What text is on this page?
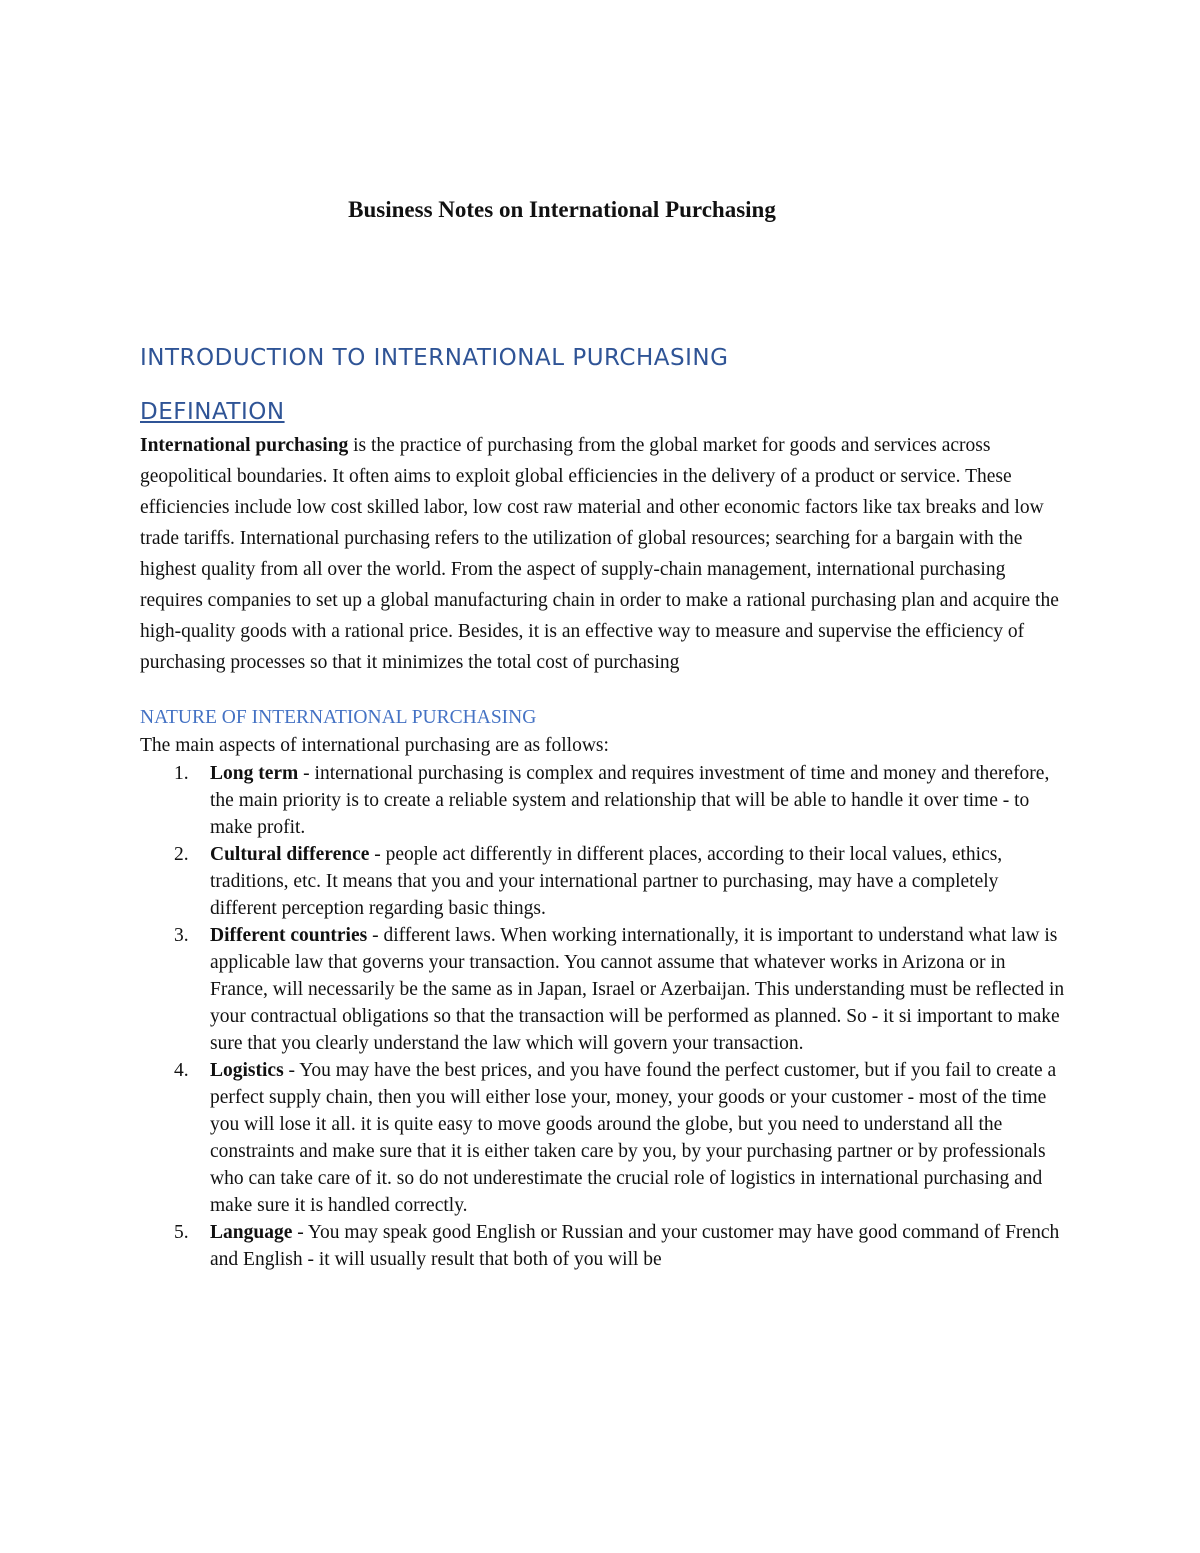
Business Notes on International Purchasing
INTRODUCTION TO INTERNATIONAL PURCHASING
DEFINATION

International purchasing is the practice of purchasing from the global market for goods and services across geopolitical boundaries. It often aims to exploit global efficiencies in the delivery of a product or service. These efficiencies include low cost skilled labor, low cost raw material and other economic factors like tax breaks and low trade tariffs. International purchasing refers to the utilization of global resources; searching for a bargain with the highest quality from all over the world. From the aspect of supply-chain management, international purchasing requires companies to set up a global manufacturing chain in order to make a rational purchasing plan and acquire the high-quality goods with a rational price. Besides, it is an effective way to measure and supervise the efficiency of purchasing processes so that it minimizes the total cost of purchasing

NATURE OF INTERNATIONAL PURCHASING

The main aspects of international purchasing are as follows:

1. Long term - international purchasing is complex and requires investment of time and money and therefore, the main priority is to create a reliable system and relationship that will be able to handle it over time - to make profit.
2. Cultural difference - people act differently in different places, according to their local values, ethics, traditions, etc. It means that you and your international partner to purchasing, may have a completely different perception regarding basic things.
3. Different countries - different laws. When working internationally, it is important to understand what law is applicable law that governs your transaction. You cannot assume that whatever works in Arizona or in France, will necessarily be the same as in Japan, Israel or Azerbaijan. This understanding must be reflected in your contractual obligations so that the transaction will be performed as planned. So - it si important to make sure that you clearly understand the law which will govern your transaction.
4. Logistics - You may have the best prices, and you have found the perfect customer, but if you fail to create a perfect supply chain, then you will either lose your, money, your goods or your customer - most of the time you will lose it all. it is quite easy to move goods around the globe, but you need to understand all the constraints and make sure that it is either taken care by you, by your purchasing partner or by professionals who can take care of it. so do not underestimate the crucial role of logistics in international purchasing and make sure it is handled correctly.
5. Language - You may speak good English or Russian and your customer may have good command of French and English - it will usually result that both of you will be
